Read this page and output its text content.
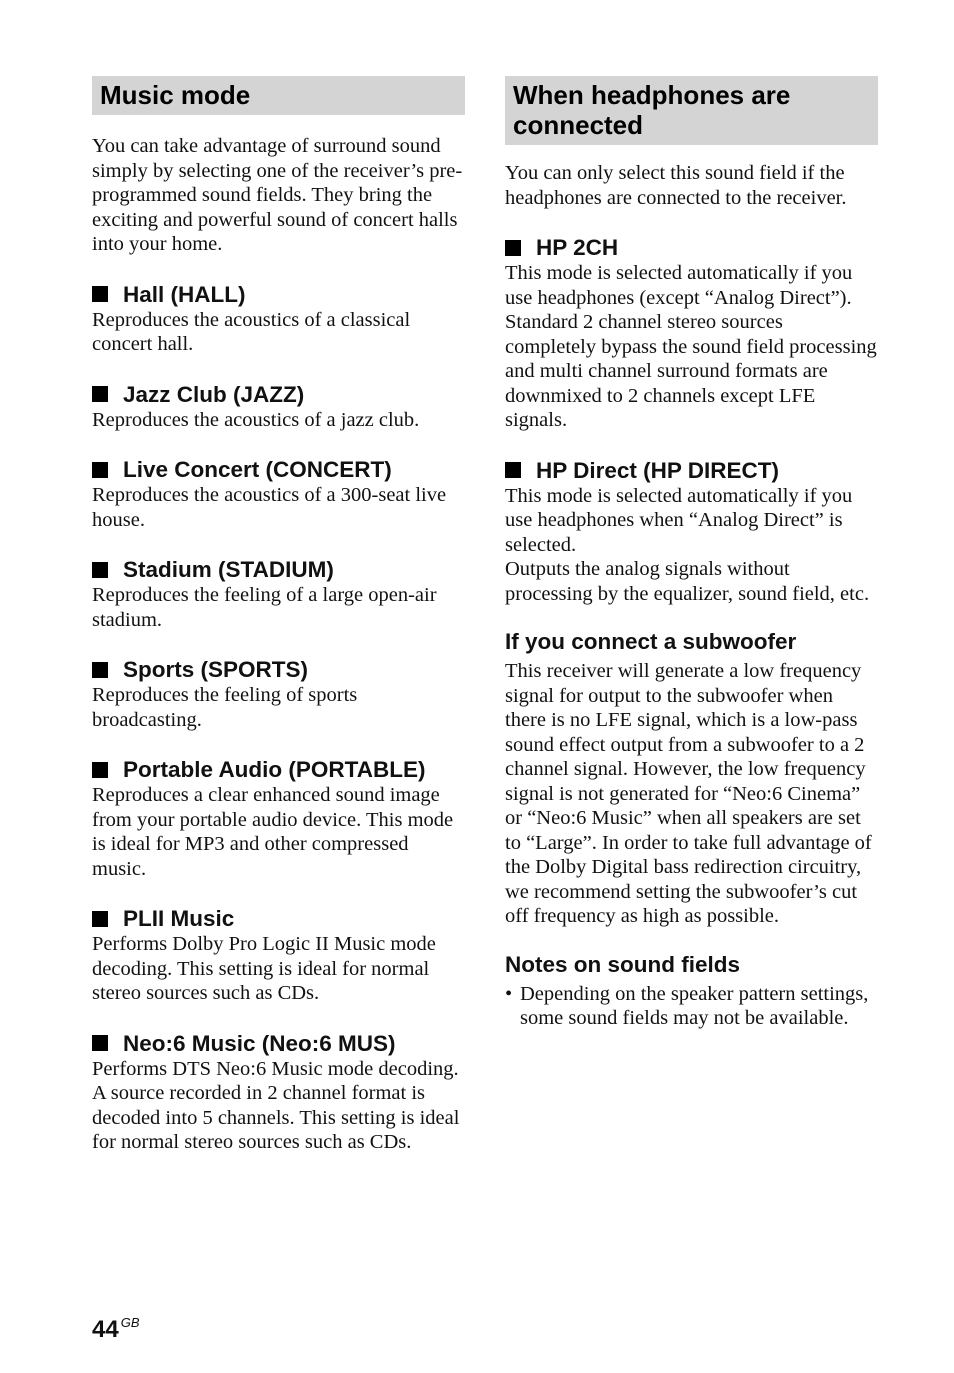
Music mode

You can take advantage of surround sound simply by selecting one of the receiver’s pre-programmed sound fields. They bring the exciting and powerful sound of concert halls into your home.

Hall (HALL)

Reproduces the acoustics of a classical concert hall.

Jazz Club (JAZZ)

Reproduces the acoustics of a jazz club.

Live Concert (CONCERT)

Reproduces the acoustics of a 300-seat live house.

Stadium (STADIUM)

Reproduces the feeling of a large open-air stadium.

Sports (SPORTS)

Reproduces the feeling of sports broadcasting.

Portable Audio (PORTABLE)

Reproduces a clear enhanced sound image from your portable audio device. This mode is ideal for MP3 and other compressed music.

PLII Music

Performs Dolby Pro Logic II Music mode decoding. This setting is ideal for normal stereo sources such as CDs.

Neo:6 Music (Neo:6 MUS)

Performs DTS Neo:6 Music mode decoding. A source recorded in 2 channel format is decoded into 5 channels. This setting is ideal for normal stereo sources such as CDs.

When headphones are connected

You can only select this sound field if the headphones are connected to the receiver.

HP 2CH

This mode is selected automatically if you use headphones (except “Analog Direct”). Standard 2 channel stereo sources completely bypass the sound field processing and multi channel surround formats are downmixed to 2 channels except LFE signals.

HP Direct (HP DIRECT)

This mode is selected automatically if you use headphones when “Analog Direct” is selected.

Outputs the analog signals without processing by the equalizer, sound field, etc.

If you connect a subwoofer

This receiver will generate a low frequency signal for output to the subwoofer when there is no LFE signal, which is a low-pass sound effect output from a subwoofer to a 2 channel signal. However, the low frequency signal is not generated for “Neo:6 Cinema” or “Neo:6 Music” when all speakers are set to “Large”. In order to take full advantage of the Dolby Digital bass redirection circuitry, we recommend setting the subwoofer’s cut off frequency as high as possible.

Notes on sound fields
• Depending on the speaker pattern settings, some sound fields may not be available.
44 $^{GB}$
